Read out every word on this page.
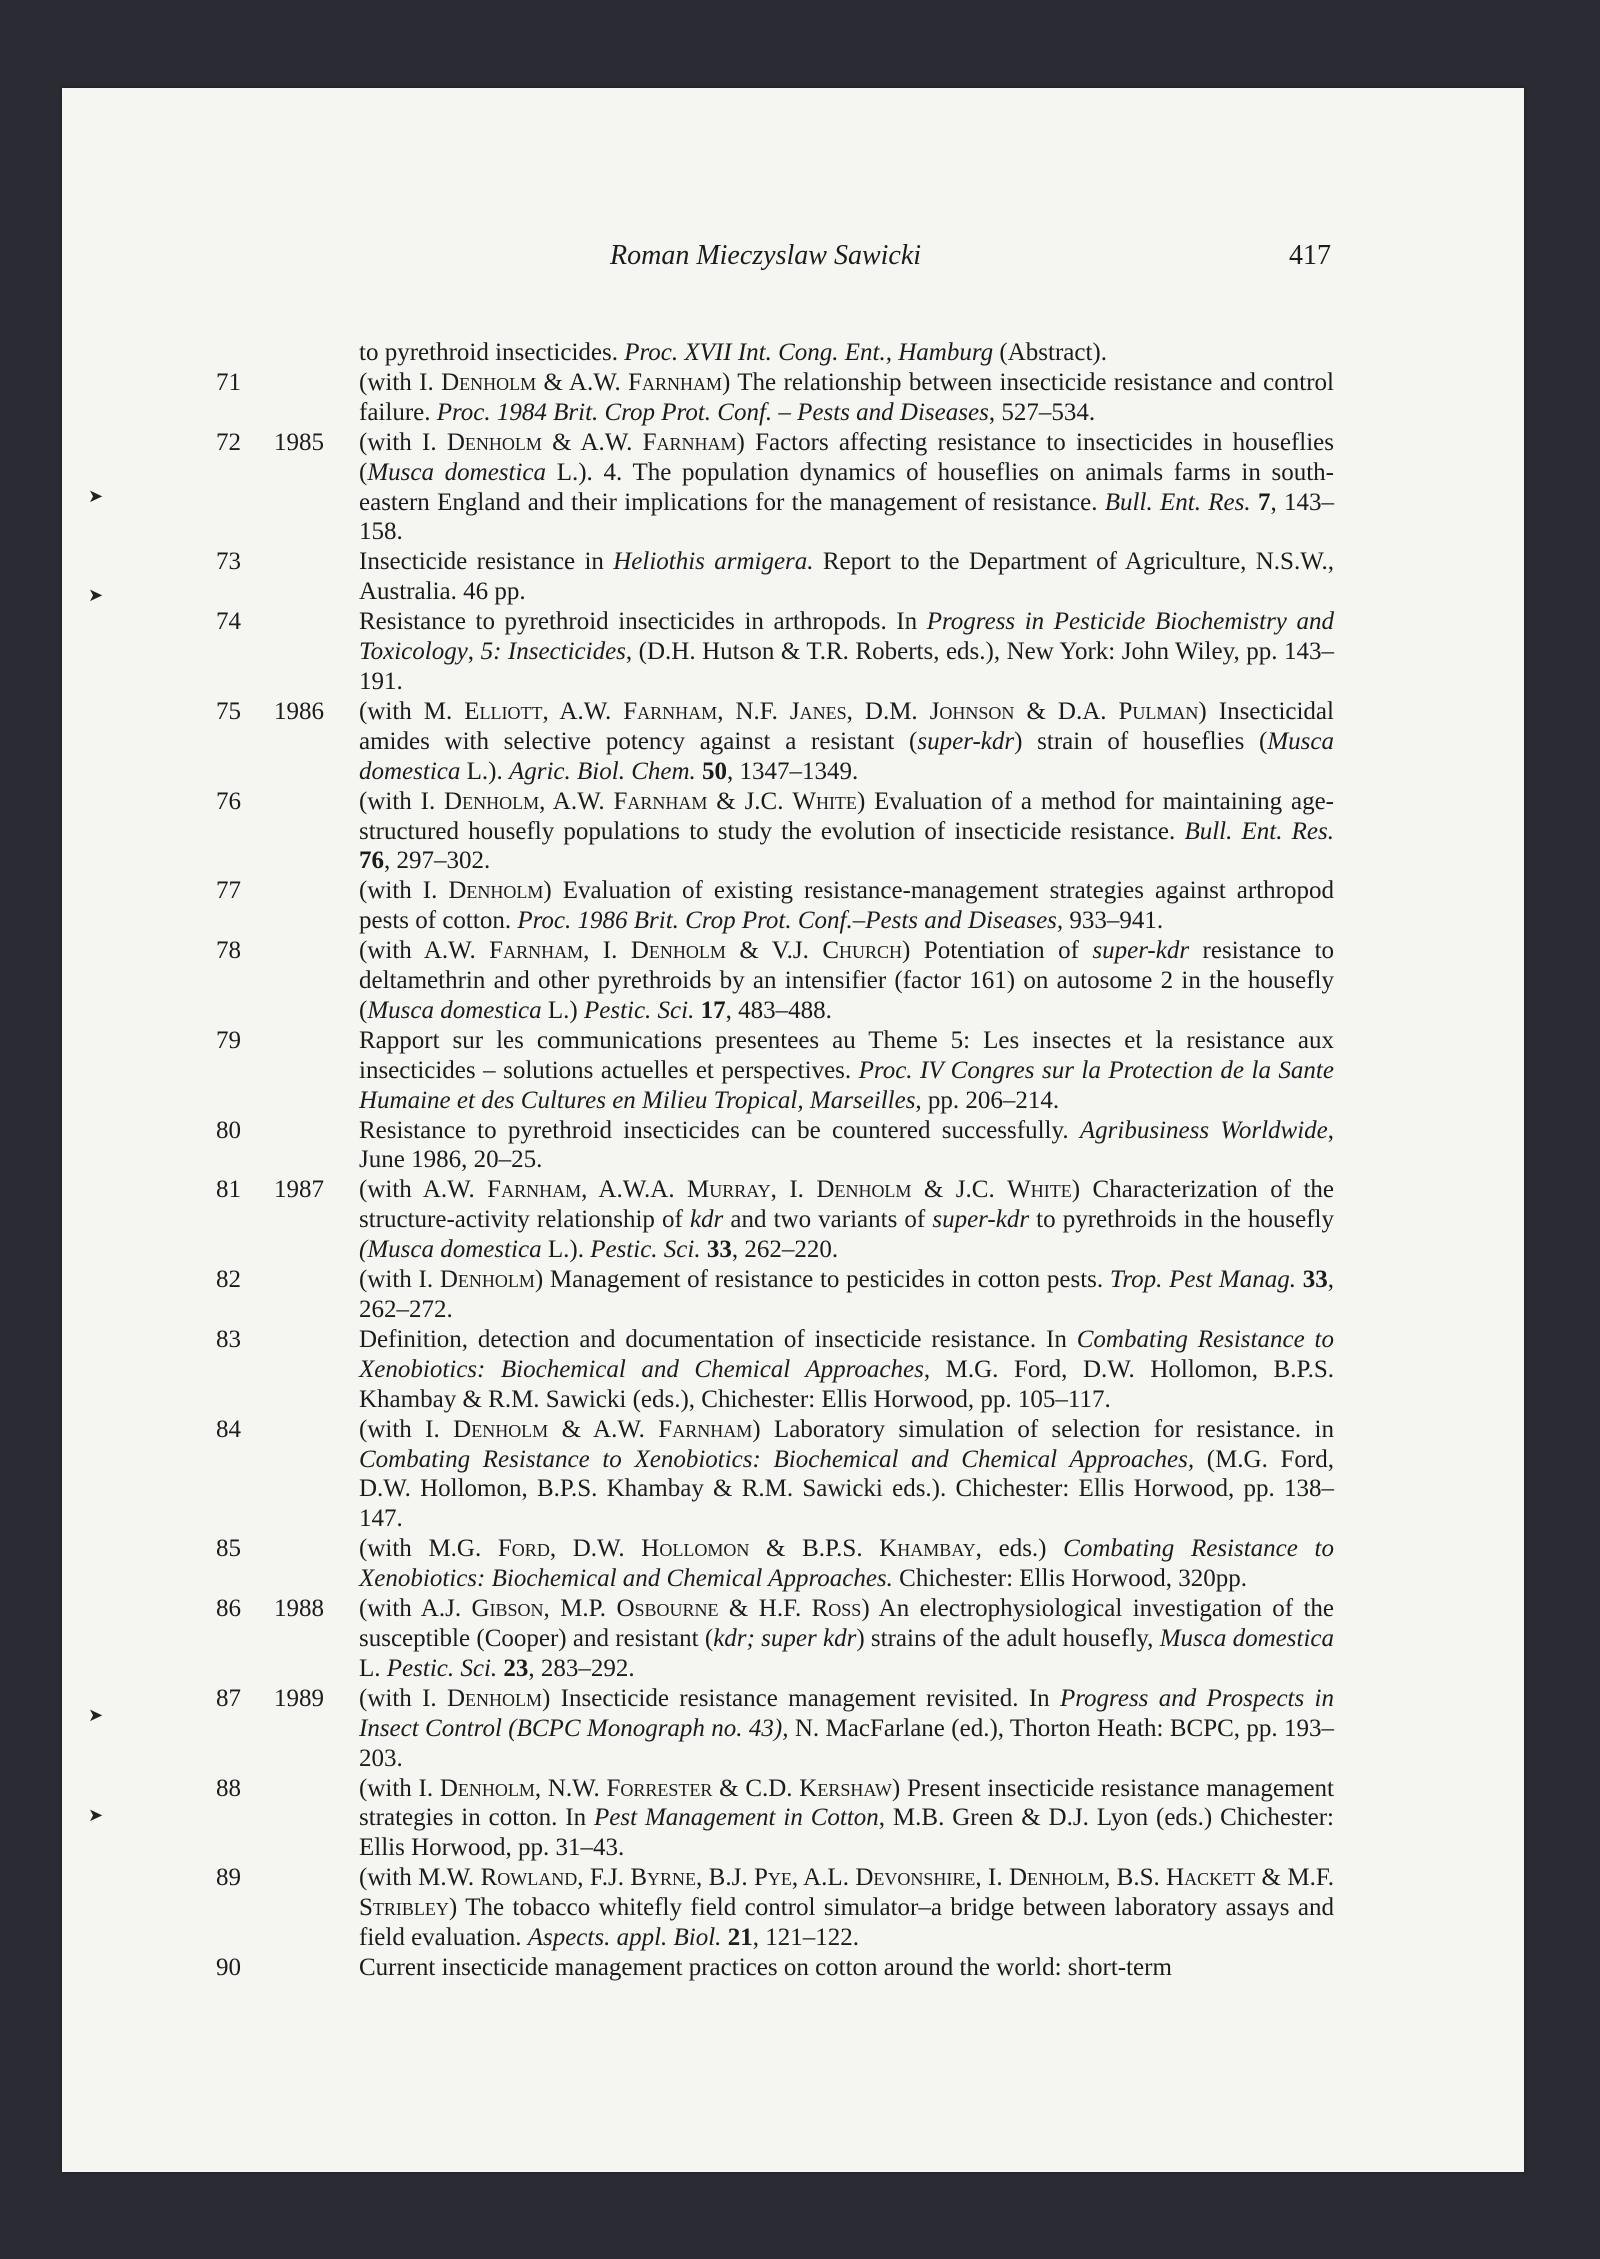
➤
➤
➤
➤
Roman Mieczyslaw Sawicki	417
to pyrethroid insecticides. Proc. XVII Int. Cong. Ent., Hamburg (Abstract).
71	(with I. Denholm & A.W. Farnham) The relationship between insecticide resistance and control failure. Proc. 1984 Brit. Crop Prot. Conf. – Pests and Diseases, 527–534.
72	1985 (with I. Denholm & A.W. Farnham) Factors affecting resistance to insecticides in houseflies (Musca domestica L.). 4. The population dynamics of houseflies on animals farms in south-eastern England and their implications for the management of resistance. Bull. Ent. Res. 7, 143–158.
73	Insecticide resistance in Heliothis armigera. Report to the Department of Agriculture, N.S.W., Australia. 46 pp.
74	Resistance to pyrethroid insecticides in arthropods. In Progress in Pesticide Biochemistry and Toxicology, 5: Insecticides, (D.H. Hutson & T.R. Roberts, eds.), New York: John Wiley, pp. 143–191.
75	1986 (with M. Elliott, A.W. Farnham, N.F. Janes, D.M. Johnson & D.A. Pulman) Insecticidal amides with selective potency against a resistant (super-kdr) strain of houseflies (Musca domestica L.). Agric. Biol. Chem. 50, 1347–1349.
76	(with I. Denholm, A.W. Farnham & J.C. White) Evaluation of a method for maintaining age-structured housefly populations to study the evolution of insecticide resistance. Bull. Ent. Res. 76, 297–302.
77	(with I. Denholm) Evaluation of existing resistance-management strategies against arthropod pests of cotton. Proc. 1986 Brit. Crop Prot. Conf.–Pests and Diseases, 933–941.
78	(with A.W. Farnham, I. Denholm & V.J. Church) Potentiation of super-kdr resistance to deltamethrin and other pyrethroids by an intensifier (factor 161) on autosome 2 in the housefly (Musca domestica L.) Pestic. Sci. 17, 483–488.
79	Rapport sur les communications presentees au Theme 5: Les insectes et la resistance aux insecticides – solutions actuelles et perspectives. Proc. IV Congres sur la Protection de la Sante Humaine et des Cultures en Milieu Tropical, Marseilles, pp. 206–214.
80	Resistance to pyrethroid insecticides can be countered successfully. Agribusiness Worldwide, June 1986, 20–25.
81	1987 (with A.W. Farnham, A.W.A. Murray, I. Denholm & J.C. White) Characterization of the structure-activity relationship of kdr and two variants of super-kdr to pyrethroids in the housefly (Musca domestica L.). Pestic. Sci. 33, 262–220.
82	(with I. Denholm) Management of resistance to pesticides in cotton pests. Trop. Pest Manag. 33, 262–272.
83	Definition, detection and documentation of insecticide resistance. In Combating Resistance to Xenobiotics: Biochemical and Chemical Approaches, M.G. Ford, D.W. Hollomon, B.P.S. Khambay & R.M. Sawicki (eds.), Chichester: Ellis Horwood, pp. 105–117.
84	(with I. Denholm & A.W. Farnham) Laboratory simulation of selection for resistance. in Combating Resistance to Xenobiotics: Biochemical and Chemical Approaches, (M.G. Ford, D.W. Hollomon, B.P.S. Khambay & R.M. Sawicki eds.). Chichester: Ellis Horwood, pp. 138–147.
85	(with M.G. Ford, D.W. Hollomon & B.P.S. Khambay, eds.) Combating Resistance to Xenobiotics: Biochemical and Chemical Approaches. Chichester: Ellis Horwood, 320pp.
86	1988 (with A.J. Gibson, M.P. Osbourne & H.F. Ross) An electrophysiological investigation of the susceptible (Cooper) and resistant (kdr; super kdr) strains of the adult housefly, Musca domestica L. Pestic. Sci. 23, 283–292.
87	1989 (with I. Denholm) Insecticide resistance management revisited. In Progress and Prospects in Insect Control (BCPC Monograph no. 43), N. MacFarlane (ed.), Thorton Heath: BCPC, pp. 193–203.
88	(with I. Denholm, N.W. Forrester & C.D. Kershaw) Present insecticide resistance management strategies in cotton. In Pest Management in Cotton, M.B. Green & D.J. Lyon (eds.) Chichester: Ellis Horwood, pp. 31–43.
89	(with M.W. Rowland, F.J. Byrne, B.J. Pye, A.L. Devonshire, I. Denholm, B.S. Hackett & M.F. Stribley) The tobacco whitefly field control simulator–a bridge between laboratory assays and field evaluation. Aspects. appl. Biol. 21, 121–122.
90	Current insecticide management practices on cotton around the world: short-term
